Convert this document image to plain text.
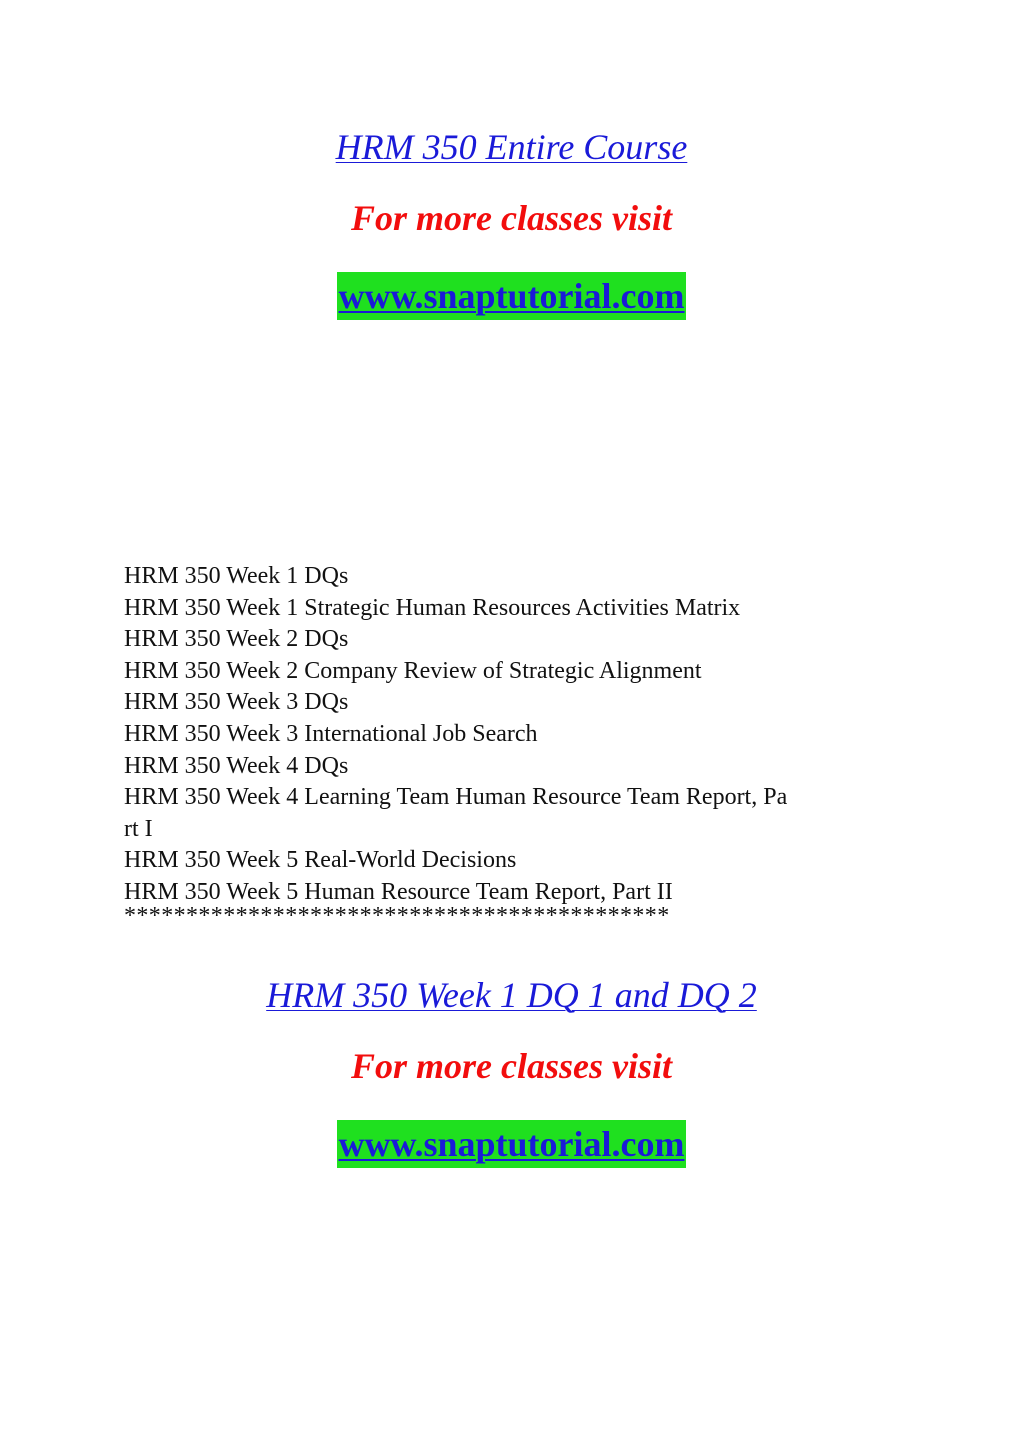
HRM 350 Entire Course
For more classes visit
www.snaptutorial.com
HRM 350 Week 1 DQs
HRM 350 Week 1 Strategic Human Resources Activities Matrix
HRM 350 Week 2 DQs
HRM 350 Week 2 Company Review of Strategic Alignment
HRM 350 Week 3 DQs
HRM 350 Week 3 International Job Search
HRM 350 Week 4 DQs
HRM 350 Week 4 Learning Team Human Resource Team Report, Pa
rt I
HRM 350 Week 5 Real-World Decisions
HRM 350 Week 5 Human Resource Team Report, Part II
********************************************
HRM 350 Week 1 DQ 1 and DQ 2
For more classes visit
www.snaptutorial.com
